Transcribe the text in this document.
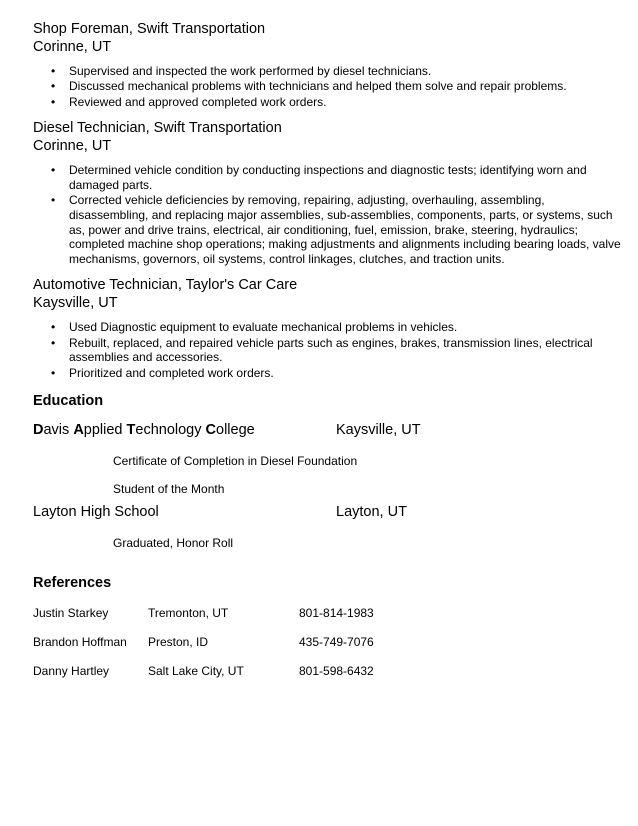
Shop Foreman, Swift Transportation

Corinne, UT

• Supervised and inspected the work performed by diesel technicians.
• Discussed mechanical problems with technicians and helped them solve and repair problems.
• Reviewed and approved completed work orders.

Diesel Technician, Swift Transportation

Corinne, UT

• Determined vehicle condition by conducting inspections and diagnostic tests; identifying worn and damaged parts.
• Corrected vehicle deficiencies by removing, repairing, adjusting, overhauling, assembling, disassembling, and replacing major assemblies, sub-assemblies, components, parts, or systems, such as, power and drive trains, electrical, air conditioning, fuel, emission, brake, steering, hydraulics; completed machine shop operations; making adjustments and alignments including bearing loads, valve mechanisms, governors, oil systems, control linkages, clutches, and traction units.

Automotive Technician, Taylor's Car Care

Kaysville, UT

• Used Diagnostic equipment to evaluate mechanical problems in vehicles.
• Rebuilt, replaced, and repaired vehicle parts such as engines, brakes, transmission lines, electrical assemblies and accessories.
• Prioritized and completed work orders.

Education

Davis Applied Technology College	Kaysville, UT

Certificate of Completion in Diesel Foundation

Student of the Month

Layton High School	Layton, UT

Graduated, Honor Roll

References

Justin Starkey	Tremonton, UT	801-814-1983
Brandon Hoffman Preston, ID	435-749-7076
Danny Hartley	Salt Lake City, UT	801-598-6432
